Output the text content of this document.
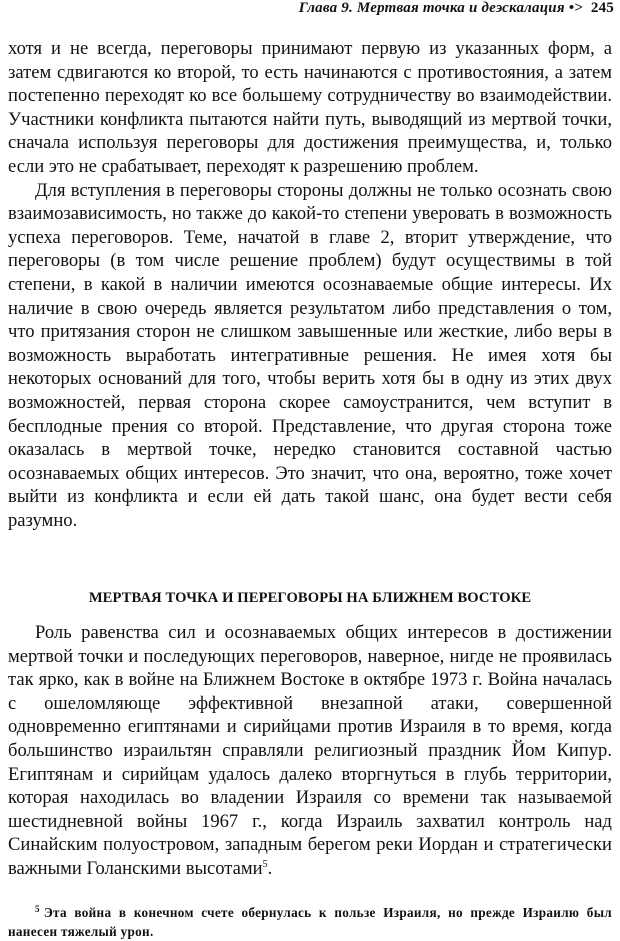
Глава 9. Мертвая точка и деэскалация •> 245

хотя и не всегда, переговоры принимают первую из указанных форм, а затем сдвигаются ко второй, то есть начинаются с противостояния, а затем постепенно переходят ко все большему сотрудничеству во взаимодействии. Участники конфликта пытаются найти путь, выводящий из мертвой точки, сначала используя переговоры для достижения преимущества, и, только если это не срабатывает, переходят к разрешению проблем.

Для вступления в переговоры стороны должны не только осознать свою взаимозависимость, но также до какой-то степени уверовать в возможность успеха переговоров. Теме, начатой в главе 2, вторит утверждение, что переговоры (в том числе решение проблем) будут осуществимы в той степени, в какой в наличии имеются осознаваемые общие интересы. Их наличие в свою очередь является результатом либо представления о том, что притязания сторон не слишком завышенные или жесткие, либо веры в возможность выработать интегративные решения. Не имея хотя бы некоторых оснований для того, чтобы верить хотя бы в одну из этих двух возможностей, первая сторона скорее самоустранится, чем вступит в бесплодные прения со второй. Представление, что другая сторона тоже оказалась в мертвой точке, нередко становится составной частью осознаваемых общих интересов. Это значит, что она, вероятно, тоже хочет выйти из конфликта и если ей дать такой шанс, она будет вести себя разумно.

МЕРТВАЯ ТОЧКА И ПЕРЕГОВОРЫ НА БЛИЖНЕМ ВОСТОКЕ

Роль равенства сил и осознаваемых общих интересов в достижении мертвой точки и последующих переговоров, наверное, нигде не проявилась так ярко, как в войне на Ближнем Востоке в октябре 1973 г. Война началась с ошеломляюще эффективной внезапной атаки, совершенной одновременно египтянами и сирийцами против Израиля в то время, когда большинство израильтян справляли религиозный праздник Йом Кипур. Египтянам и сирийцам удалось далеко вторгнуться в глубь территории, которая находилась во владении Израиля со времени так называемой шестидневной войны 1967 г., когда Израиль захватил контроль над Синайским полуостровом, западным берегом реки Иордан и стратегически важными Голанскими высотами$^5$.

$^5$ Эта война в конечном счете обернулась к пользе Израиля, но прежде Израилю был нанесен тяжелый урон.
